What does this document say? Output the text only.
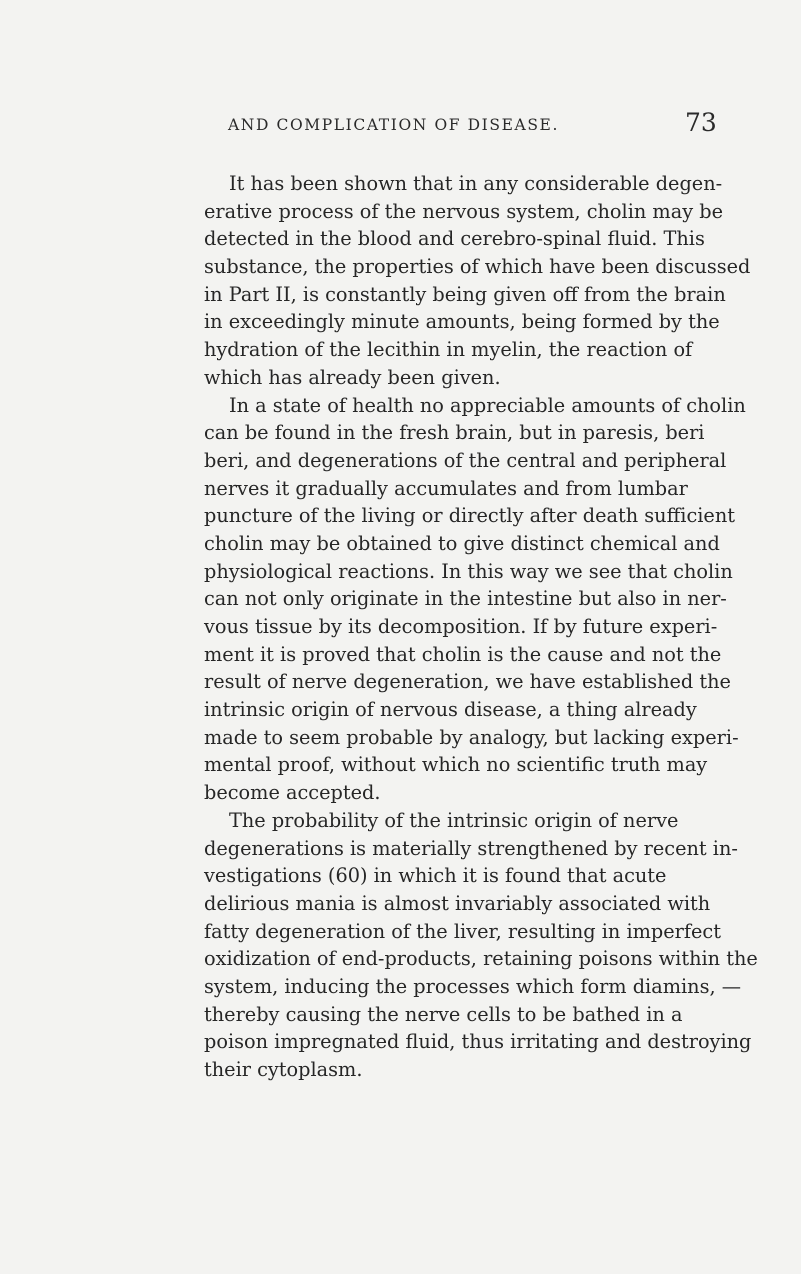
AND COMPLICATION OF DISEASE.	73
It has been shown that in any considerable degen-
erative process of the nervous system, cholin may be
detected in the blood and cerebro-spinal fluid. This
substance, the properties of which have been discussed
in Part II, is constantly being given off from the brain
in exceedingly minute amounts, being formed by the
hydration of the lecithin in myelin, the reaction of
which has already been given.
In a state of health no appreciable amounts of cholin
can be found in the fresh brain, but in paresis, beri
beri, and degenerations of the central and peripheral
nerves it gradually accumulates and from lumbar
puncture of the living or directly after death sufficient
cholin may be obtained to give distinct chemical and
physiological reactions. In this way we see that cholin
can not only originate in the intestine but also in ner-
vous tissue by its decomposition. If by future experi-
ment it is proved that cholin is the cause and not the
result of nerve degeneration, we have established the
intrinsic origin of nervous disease, a thing already
made to seem probable by analogy, but lacking experi-
mental proof, without which no scientific truth may
become accepted.
The probability of the intrinsic origin of nerve
degenerations is materially strengthened by recent in-
vestigations (60) in which it is found that acute
delirious mania is almost invariably associated with
fatty degeneration of the liver, resulting in imperfect
oxidization of end-products, retaining poisons within the
system, inducing the processes which form diamins, —
thereby causing the nerve cells to be bathed in a
poison impregnated fluid, thus irritating and destroying
their cytoplasm.
